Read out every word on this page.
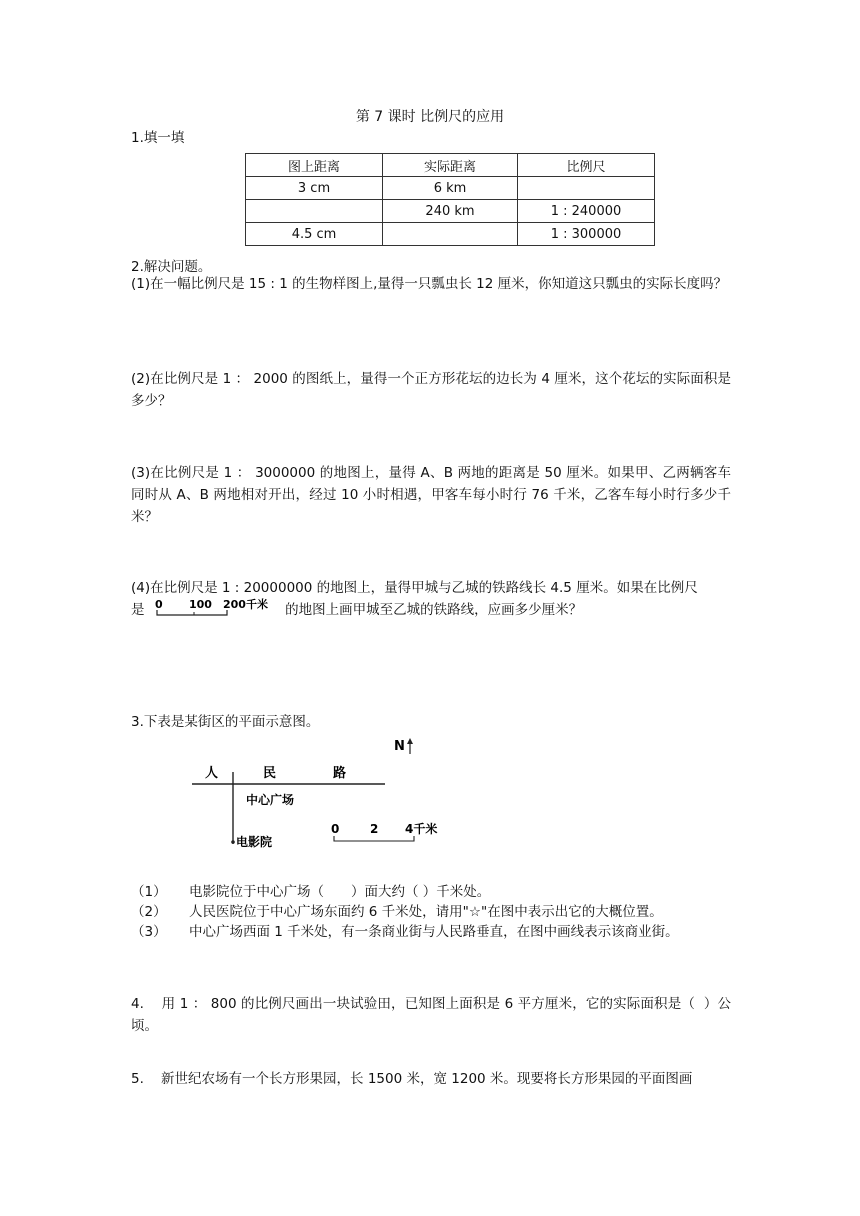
第 7 课时 比例尺的应用
1.填一填
图上距离	实际距离	比例尺
3 cm	6 km	
	240 km	1 : 240000
4.5 cm		1 : 300000
2.解决问题。
(1)在一幅比例尺是 15 : 1 的生物样图上,量得一只瓢虫长 12 厘米，你知道这只瓢虫的实际长度吗？
(2)在比例尺是 1 ： 2000 的图纸上，量得一个正方形花坛的边长为 4 厘米，这个花坛的实际面积是多少？
(3)在比例尺是 1 ： 3000000 的地图上，量得 A、B 两地的距离是 50 厘米。如果甲、乙两辆客车同时从 A、B 两地相对开出，经过 10 小时相遇，甲客车每小时行 76 千米，乙客车每小时行多少千米？
(4)在比例尺是 1 : 20000000 的地图上，量得甲城与乙城的铁路线长 4.5 厘米。如果在比例尺
是 0 100 200千米 的地图上画甲城至乙城的铁路线，应画多少厘米？
3.下表是某街区的平面示意图。
N
人	民	路
中心广场
电影院
0	2 4千米
（1） 电影院位于中心广场（　　）面大约（ ）千米处。
（2） 人民医院位于中心广场东面约 6 千米处，请用"☆"在图中表示出它的大概位置。
（3） 中心广场西面 1 千米处，有一条商业街与人民路垂直，在图中画线表示该商业街。
4.    用 1 ： 800 的比例尺画出一块试验田，已知图上面积是 6 平方厘米，它的实际面积是（  ）公顷。
5.    新世纪农场有一个长方形果园，长 1500 米，宽 1200 米。现要将长方形果园的平面图画
